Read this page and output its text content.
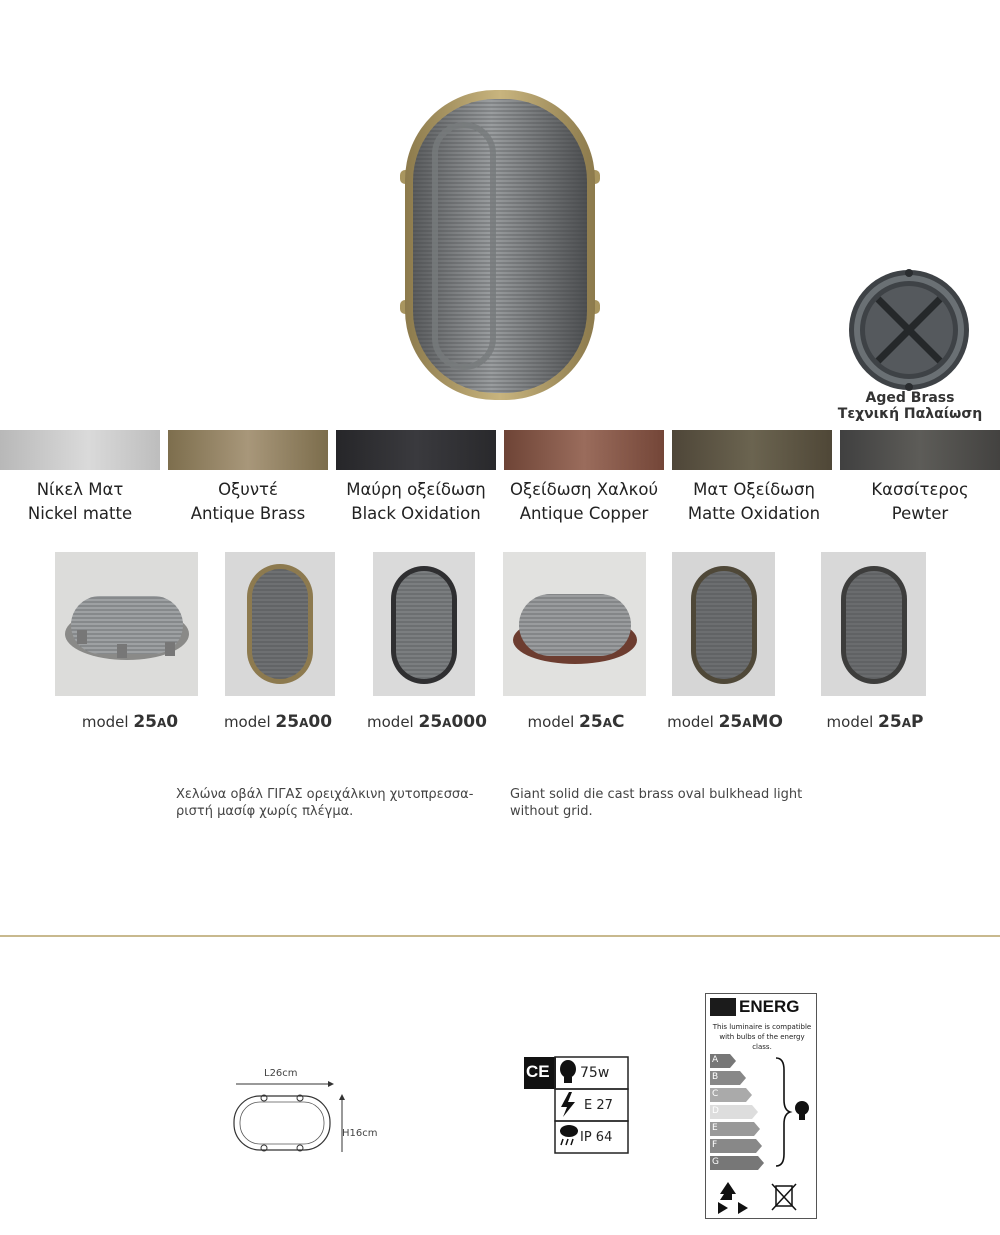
Aged Brass
Τεχνική Παλαίωση
Νίκελ Ματ
Nickel matte
Οξυντέ
Antique Brass
Μαύρη οξείδωση
Black Oxidation
Οξείδωση Χαλκού
Antique Copper
Ματ Οξείδωση
Matte Oxidation
Κασσίτερος
Pewter
model 25A0	model 25A00	model 25A000	model 25AC	model 25AMO	model 25AP
Χελώνα οβάλ ΓΙΓΑΣ ορειχάλκινη χυτοπρεσσα-
ριστή μασίφ χωρίς πλέγμα.
Giant solid die cast brass oval bulkhead light
without grid.
L26cm
H16cm
CE 75w
E 27
IP 64
ENERG
This luminaire is compatible
with bulbs of the energy class.
A
B
C
D
E
F
G
